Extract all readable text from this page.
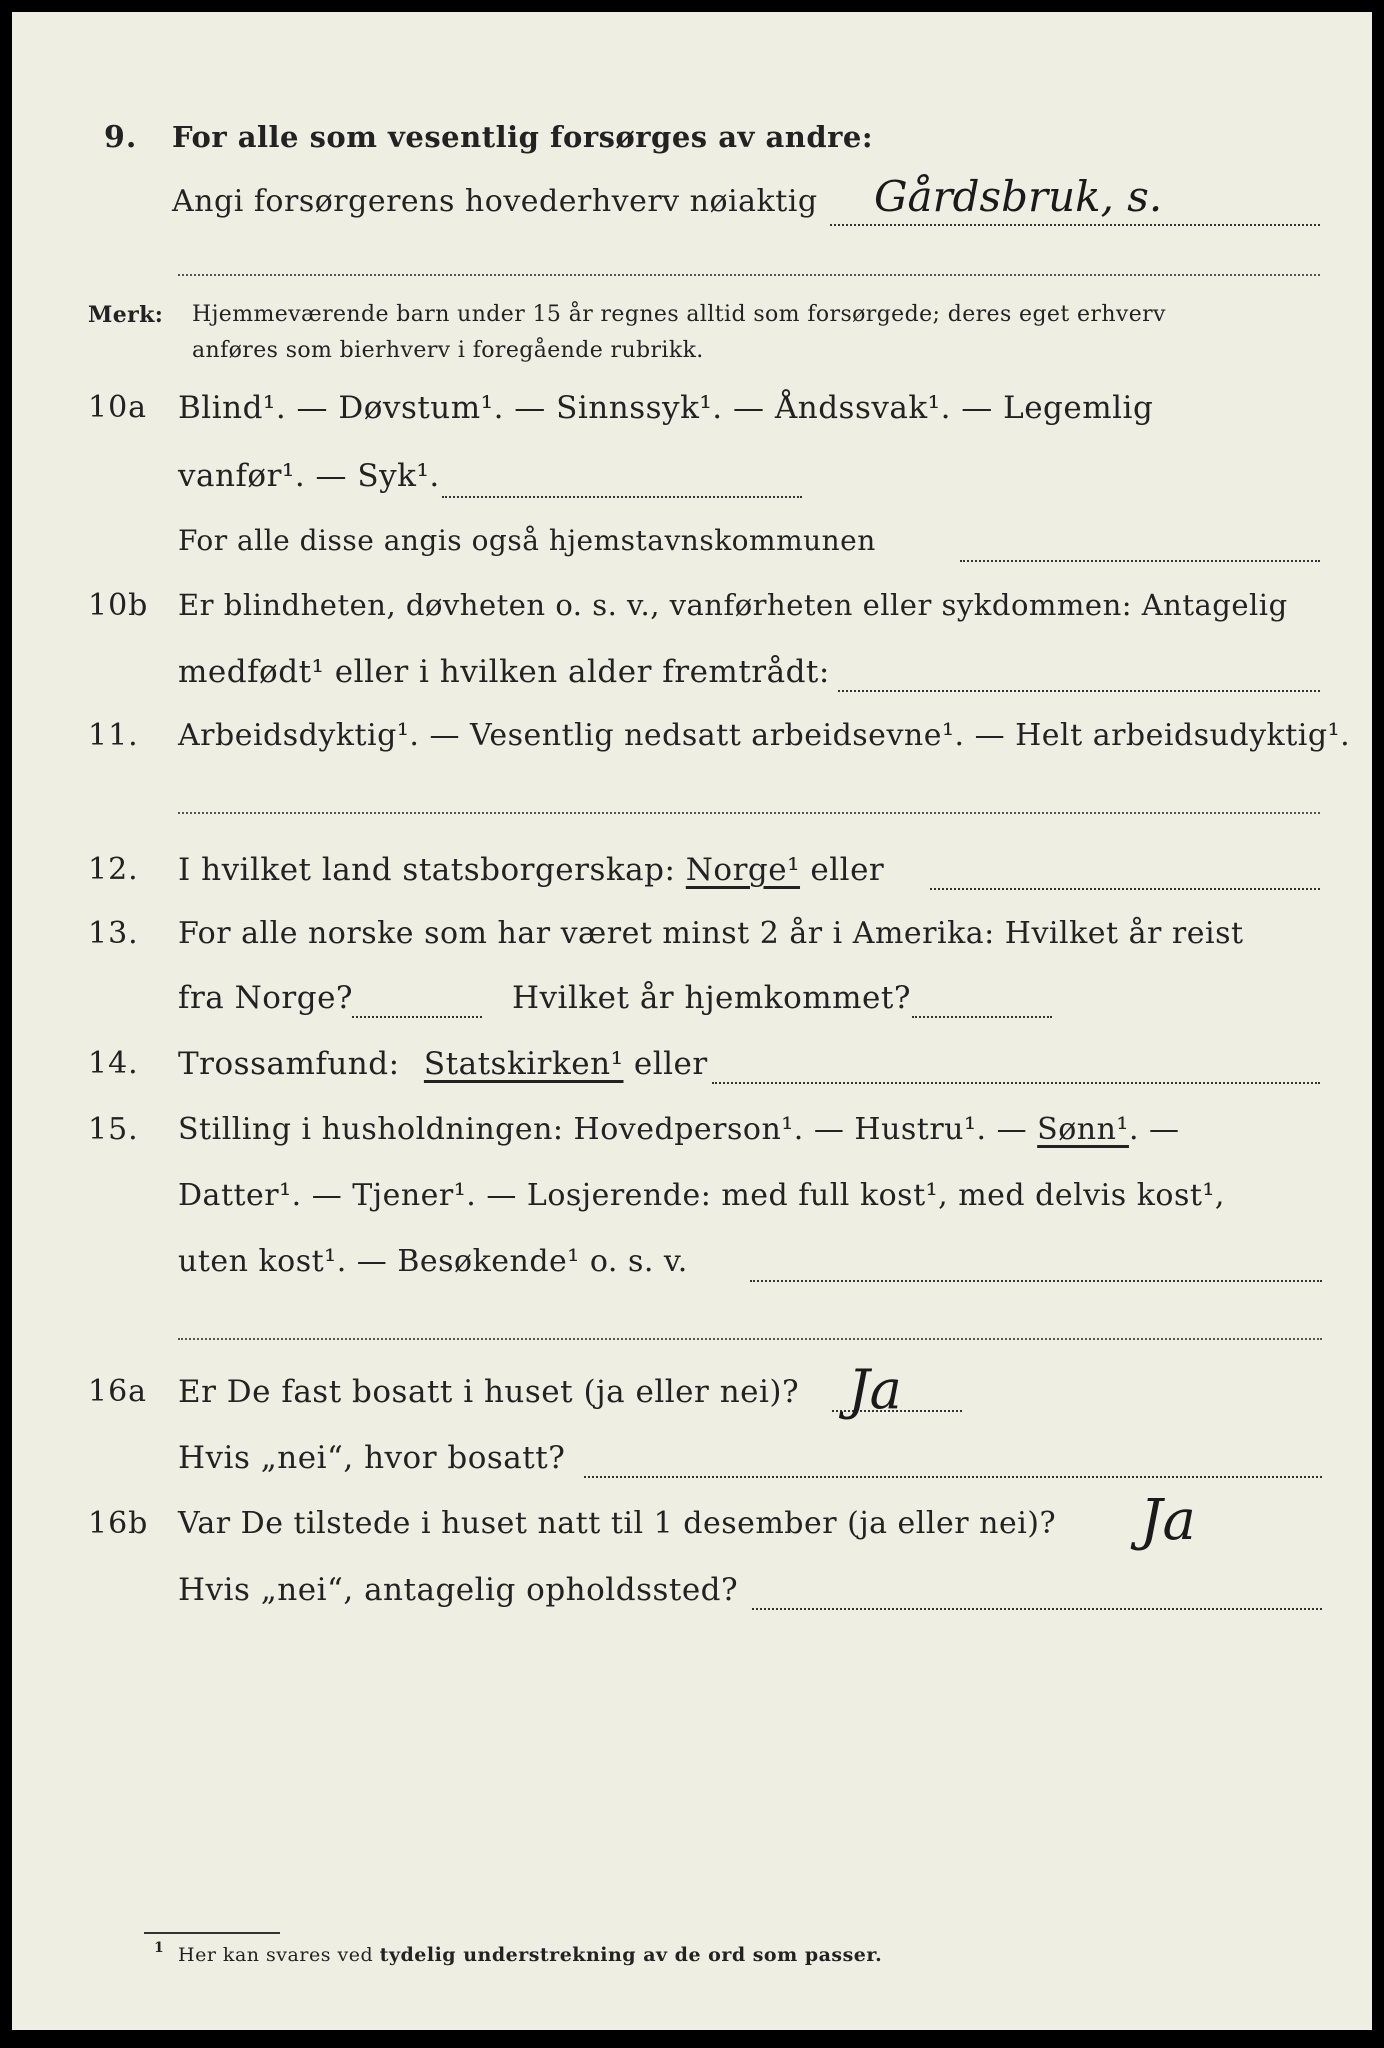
9. For alle som vesentlig forsørges av andre:
Angi forsørgerens hovederhverv nøiaktig Gårdsbruk, s.
Merk: Hjemmeværende barn under 15 år regnes alltid som forsørgede; deres eget erhverv
anføres som bierhverv i foregående rubrikk.
10a Blind¹. — Døvstum¹. — Sinnssyk¹. — Åndssvak¹. — Legemlig
vanfør¹. — Syk¹.
For alle disse angis også hjemstavnskommunen
10b Er blindheten, døvheten o. s. v., vanførheten eller sykdommen: Antagelig
medfødt¹ eller i hvilken alder fremtrådt:
11. Arbeidsdyktig¹. — Vesentlig nedsatt arbeidsevne¹. — Helt arbeidsudyktig¹.
12. I hvilket land statsborgerskap: Norge¹ eller
13. For alle norske som har været minst 2 år i Amerika: Hvilket år reist
fra Norge?	Hvilket år hjemkommet?
14. Trossamfund: Statskirken¹ eller
15. Stilling i husholdningen: Hovedperson¹. — Hustru¹. — Sønn¹. —
Datter¹. — Tjener¹. — Losjerende: med full kost¹, med delvis kost¹,
uten kost¹. — Besøkende¹ o. s. v.
16a Er De fast bosatt i huset (ja eller nei)? Ja
Hvis „nei“, hvor bosatt?
16b Var De tilstede i huset natt til 1 desember (ja eller nei)? Ja
Hvis „nei“, antagelig opholdssted?
1 Her kan svares ved tydelig understrekning av de ord som passer.
